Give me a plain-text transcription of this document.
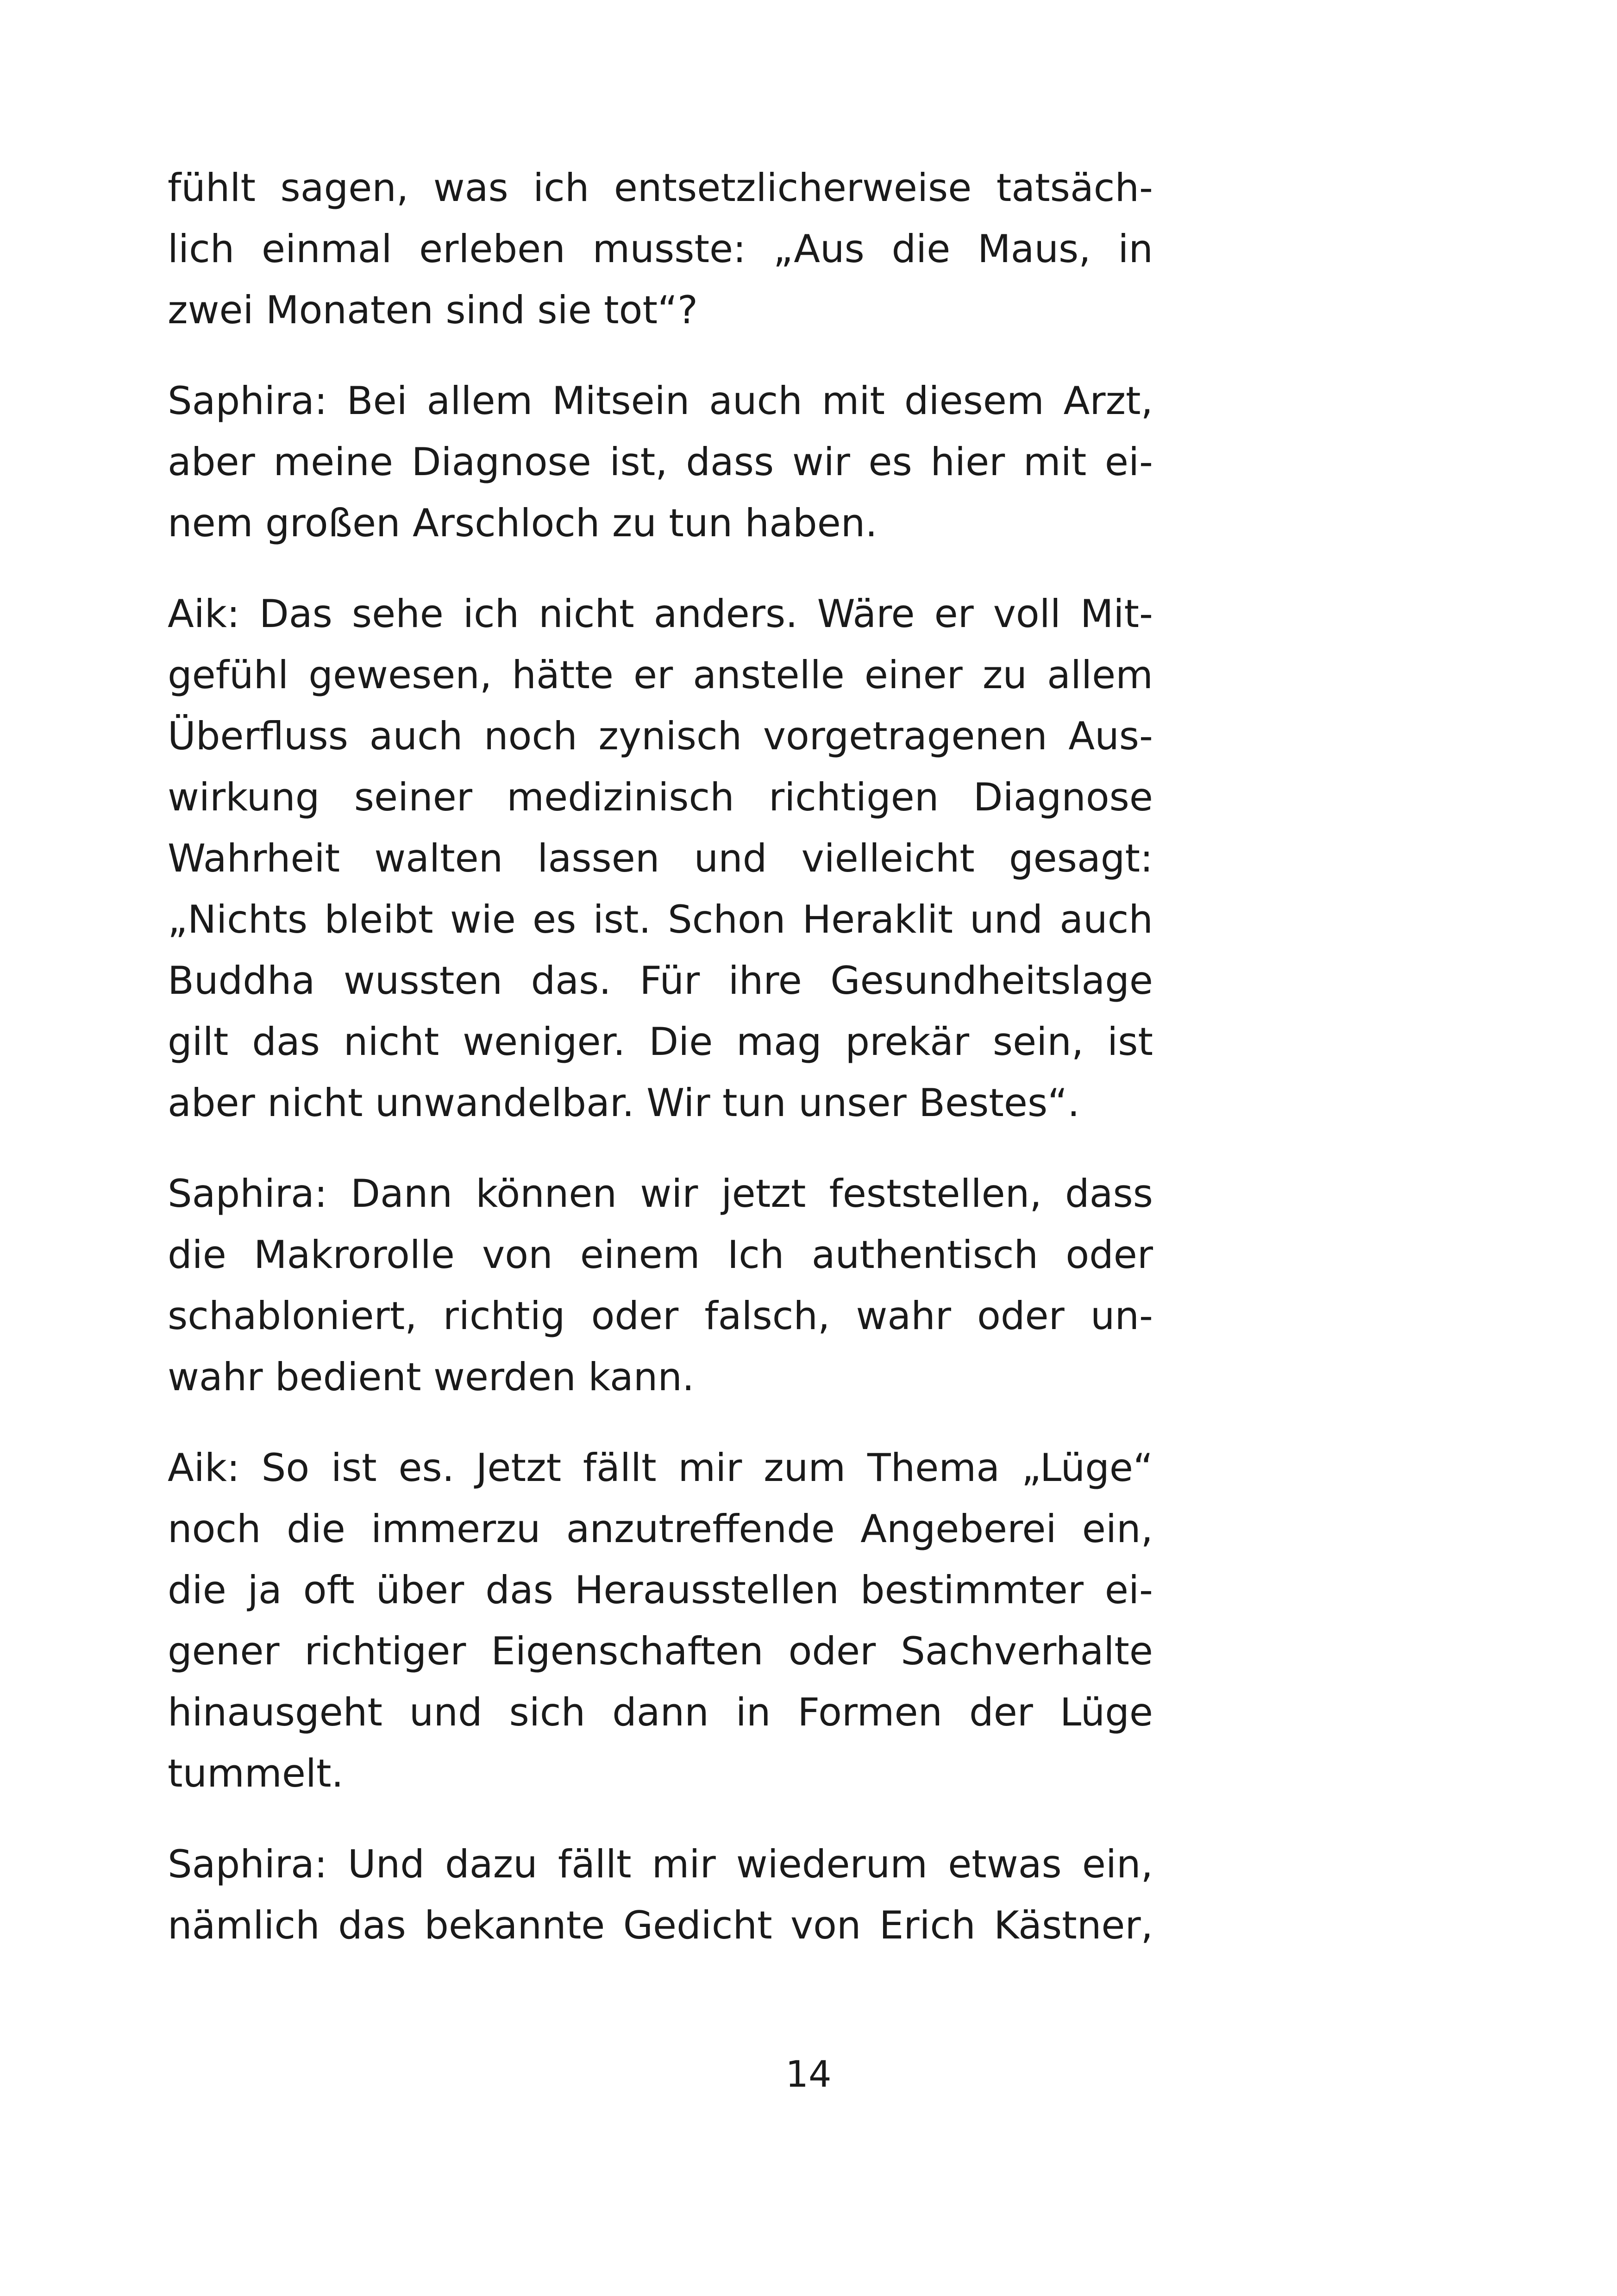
fühlt sagen, was ich entsetzlicherweise tatsäch-
lich einmal erleben musste: „Aus die Maus, in
zwei Monaten sind sie tot“?

Saphira: Bei allem Mitsein auch mit diesem Arzt,
aber meine Diagnose ist, dass wir es hier mit ei-
nem großen Arschloch zu tun haben.

Aik: Das sehe ich nicht anders. Wäre er voll Mit-
gefühl gewesen, hätte er anstelle einer zu allem
Überfluss auch noch zynisch vorgetragenen Aus-
wirkung seiner medizinisch richtigen Diagnose
Wahrheit walten lassen und vielleicht gesagt:
„Nichts bleibt wie es ist. Schon Heraklit und auch
Buddha wussten das. Für ihre Gesundheitslage
gilt das nicht weniger. Die mag prekär sein, ist
aber nicht unwandelbar. Wir tun unser Bestes“.

Saphira: Dann können wir jetzt feststellen, dass
die Makrorolle von einem Ich authentisch oder
schabloniert, richtig oder falsch, wahr oder un-
wahr bedient werden kann.

Aik: So ist es. Jetzt fällt mir zum Thema „Lüge“
noch die immerzu anzutreffende Angeberei ein,
die ja oft über das Herausstellen bestimmter ei-
gener richtiger Eigenschaften oder Sachverhalte
hinausgeht und sich dann in Formen der Lüge
tummelt.

Saphira: Und dazu fällt mir wiederum etwas ein,
nämlich das bekannte Gedicht von Erich Kästner,

14
